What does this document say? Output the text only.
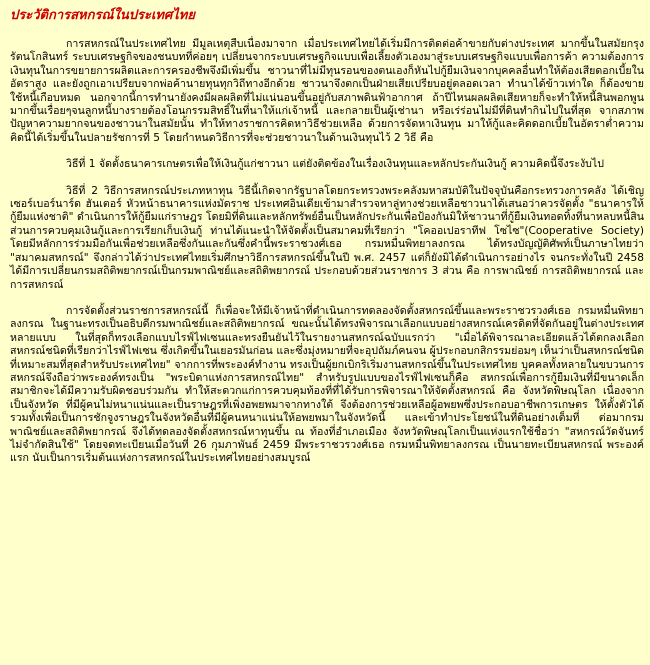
ประวัติการสหกรณ์ในประเทศไทย

การสหกรณ์ในประเทศไทย มีมูลเหตุสืบเนื่องมาจาก เมื่อประเทศไทยได้เริ่มมีการติดต่อค้าขายกับต่างประเทศ มากขึ้นในสมัยกรุงรัตนโกสินทร์ ระบบเศรษฐกิจของชนบทที่ค่อยๆ เปลี่ยนจากระบบเศรษฐกิจแบบเพื่อเลี้ยงตัวเองมาสู่ระบบเศรษฐกิจแบบเพื่อการค้า ความต้องการเงินทุนในการขยายการผลิตและการครองชีพจึงมีเพิ่มขึ้น ชาวนาที่ไม่มีทุนรอนของตนเองก็หันไปกู้ยืมเงินจากบุคคลอื่นทำให้ต้องเสียดอกเบี้ยในอัตราสูง และยังถูกเอาเปรียบจากพ่อค้านายทุนทุกวิถีทางอีกด้วย ชาวนาจึงตกเป็นฝ่ายเสียเปรียบอยู่ตลอดเวลา ทำนาได้ข้าวเท่าใด ก็ต้องขายใช้หนี้เกือบหมด นอกจากนี้การทำนายังคงมีผลผลิตที่ไม่แน่นอนขึ้นอยู่กับสภาพดินฟ้าอากาศ ถ้าปีไหนผลผลิตเสียหายก็จะทำให้หนี้สินพอกพูนมากขึ้นเรื่อยๆจนลูกหนี้บางรายต้องโอนกรรมสิทธิ์ในที่นาให้แก่เจ้าหนี้ และกลายเป็นผู้เช่านา หรือเร่ร่อนไม่มีที่ดินทำกินไปในที่สุด จากสภาพปัญหาความยากจนของชาวนาในสมัยนั้น ทำให้ทางราชการคิดหาวิธีช่วยเหลือ ด้วยการจัดหาเงินทุน มาให้กู้และคิดดอกเบี้ยในอัตราต่ำความคิดนี้ได้เริ่มขึ้นในปลายรัชการที่ 5 โดยกำหนดวิธีการที่จะช่วยชาวนาในด้านเงินทุนไว้ 2 วิธี คือ

วิธีที่ 1 จัดตั้งธนาคารเกษตรเพื่อให้เงินกู้แก่ชาวนา แต่ยังติดข้องในเรื่องเงินทุนและหลักประกันเงินกู้ ความคิดนี้จึงระงับไป

วิธีที่ 2 วิธีการสหกรณ์ประเภทหาทุน วิธีนี้เกิดจากรัฐบาลโดยกระทรวงพระคลังมหาสมบัติในปัจจุบันคือกระทรวงการคลัง ได้เชิญเซอร์เบอร์นาร์ด ฮันเตอร์ หัวหน้าธนาคารแห่งมัดราช ประเทศอินเดียเข้ามาสำรวจหาลู่ทางช่วยเหลือชาวนาได้เสนอว่าควรจัดตั้ง "ธนาคารให้กู้ยืมแห่งชาติ" ดำเนินการให้กู้ยืมแก่ราษฎร โดยมิที่ดินและหลักทรัพย์อื่นเป็นหลักประกันเพื่อป้องกันมิให้ชาวนาที่กู้ยืมเงินทอดทิ้งที่นาหลบหนี้สิน ส่วนการควบคุมเงินกู้และการเรียกเก็บเงินกู้ ท่านได้แนะนำให้จัดตั้งเป็นสมาคมที่เรียกว่า "โคออเปอราทีฟ โซไซ"(Cooperative Society) โดยมีหลักการร่วมมือกันเพื่อช่วยเหลือซึ่งกันและกันซึ่งคำนี้พระราชวงศ์เธอ กรมหมื่นพิทยาลงกรณ ได้ทรงบัญญัติศัพท์เป็นภาษาไทยว่า "สมาคมสหกรณ์" จึงกล่าวได้ว่าประเทศไทยเริ่มศึกษาวิธีการสหกรณ์ขึ้นในปี พ.ศ. 2457 แต่ก็ยังมิได้ดำเนินการอย่างไร จนกระทั่งในปี 2458 ได้มีการเปลี่ยนกรมสถิติพยากรณ์เป็นกรมพาณิชย์และสถิติพยากรณ์ ประกอบด้วยส่วนราชการ 3 ส่วน คือ การพาณิชย์ การสถิติพยากรณ์ และการสหกรณ์

การจัดตั้งส่วนราชการสหกรณ์นี้ ก็เพื่อจะให้มีเจ้าหน้าที่ดำเนินการทดลองจัดตั้งสหกรณ์ขึ้นและพระราชวรวงศ์เธอ กรมหมื่นพิทยาลงกรณ ในฐานะทรงเป็นอธิบดีกรมพาณิชย์และสถิติพยากรณ์ ขณะนั้นได้ทรงพิจารณาเลือกแบบอย่างสหกรณ์เครดิตที่จัดกันอยู่ในต่างประเทศหลายแบบ ในที่สุดก็ทรงเลือกแบบไรฟ์ไฟเซนและทรงยืนยันไว้ในรายงานสหกรณ์ฉบับแรกว่า "เมื่อได้พิจารณาละเอียดแล้วได้ตกลงเลือกสหกรณ์ชนิดที่เรียกว่าไรฟ์ไฟเซน ซึ่งเกิดขึ้นในเยอรมันก่อน และซึ่งมุ่งหมายที่จะอุปถัมภ์คนจน ผู้ประกอบกสิกรรมย่อมๆ เห็นว่าเป็นสหกรณ์ชนิดที่เหมาะสมที่สุดสำหรับประเทศไทย" จากการที่พระองค์ทำงาน ทรงเป็นผู้ยกเบิกริเริ่มงานสหกรณ์ขึ้นในประเทศไทย บุคคลทั้งหลายในขบวนการสหกรณ์จึงถือว่าพระองค์ทรงเป็น "พระบิดาแห่งการสหกรณ์ไทย" สำหรับรูปแบบของไรฟ์ไฟเซนก็คือ สหกรณ์เพื่อการกู้ยืมเงินที่มีขนาดเล็ก สมาชิกจะได้มีความรับผิดชอบร่วมกัน ทำให้สะดวกแก่การควบคุมท้องที่ที่ได้รับการพิจารณาให้จัดตั้งสหกรณ์ คือ จังหวัดพิษณุโลก เนื่องจากเป็นจังหวัด ที่มีผู้คนไม่หนาแน่นและเป็นราษฎรที่เพิ่งอพยพมาจากทางใต้ จึงต้องการช่วยเหลือผู้อพยพซึ่งประกอบอาชีพการเกษตร ให้ตั้งตัวได้ รวมทั้งเพื่อเป็นการชักจูงราษฎรในจังหวัดอื่นที่มีผู้คนหนาแน่นให้อพยพมาในจังหวัดนี้ และเข้าทำประโยชน์ในที่ดินอย่างเต็มที่ ต่อมากรมพาณิชย์และสถิติพยากรณ์ จึงได้ทดลองจัดตั้งสหกรณ์หาทุนขึ้น ณ ท้องที่อำเภอเมือง จังหวัดพิษณุโลกเป็นแห่งแรกใช้ชื่อว่า "สหกรณ์วัดจันทร์ไม่จำกัดสินใช้" โดยจดทะเบียนเมื่อวันที่ 26 กุมภาพันธ์ 2459 มีพระราชวรวงศ์เธอ กรมหมื่นพิทยาลงกรณ เป็นนายทะเบียนสหกรณ์ พระองค์แรก นับเป็นการเริ่มต้นแห่งการสหกรณ์ในประเทศไทยอย่างสมบูรณ์
